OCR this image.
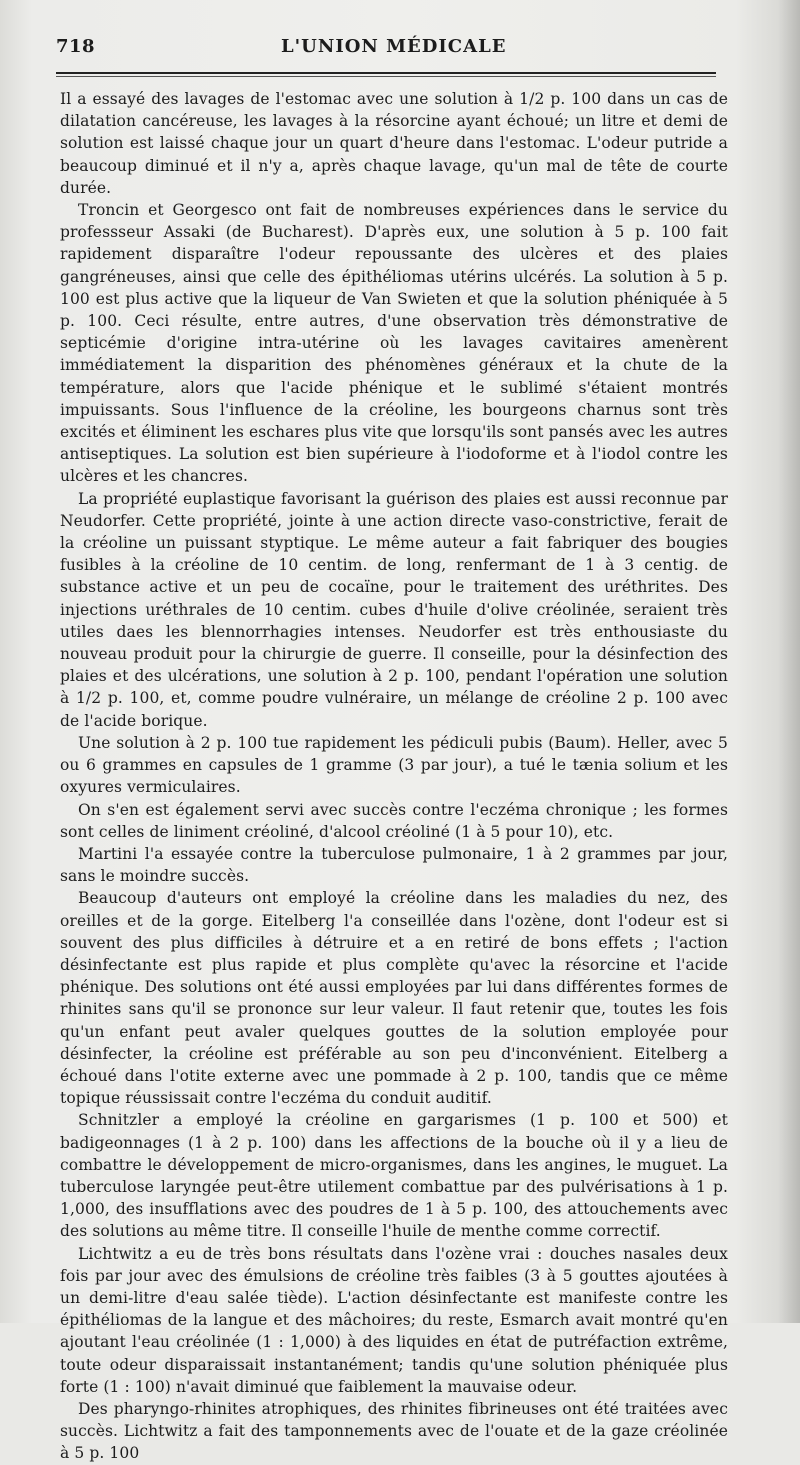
718	L'UNION MÉDICALE

Il a essayé des lavages de l'estomac avec une solution à 1/2 p. 100 dans un cas de dilatation cancéreuse, les lavages à la résorcine ayant échoué; un litre et demi de solution est laissé chaque jour un quart d'heure dans l'estomac. L'odeur putride a beaucoup diminué et il n'y a, après chaque lavage, qu'un mal de tête de courte durée.

Troncin et Georgesco ont fait de nombreuses expériences dans le service du professseur Assaki (de Bucharest). D'après eux, une solution à 5 p. 100 fait rapidement disparaître l'odeur repoussante des ulcères et des plaies gangréneuses, ainsi que celle des épithéliomas utérins ulcérés. La solution à 5 p. 100 est plus active que la liqueur de Van Swieten et que la solution phéniquée à 5 p. 100. Ceci résulte, entre autres, d'une observation très démonstrative de septicémie d'origine intra-utérine où les lavages cavitaires amenèrent immédiatement la disparition des phénomènes généraux et la chute de la température, alors que l'acide phénique et le sublimé s'étaient montrés impuissants. Sous l'influence de la créoline, les bourgeons charnus sont très excités et éliminent les eschares plus vite que lorsqu'ils sont pansés avec les autres antiseptiques. La solution est bien supérieure à l'iodoforme et à l'iodol contre les ulcères et les chancres.

La propriété euplastique favorisant la guérison des plaies est aussi reconnue par Neudorfer. Cette propriété, jointe à une action directe vaso-constrictive, ferait de la créoline un puissant styptique. Le même auteur a fait fabriquer des bougies fusibles à la créoline de 10 centim. de long, renfermant de 1 à 3 centig. de substance active et un peu de cocaïne, pour le traitement des uréthrites. Des injections uréthrales de 10 centim. cubes d'huile d'olive créolinée, seraient très utiles daes les blennorrhagies intenses. Neudorfer est très enthousiaste du nouveau produit pour la chirurgie de guerre. Il conseille, pour la désinfection des plaies et des ulcérations, une solution à 2 p. 100, pendant l'opération une solution à 1/2 p. 100, et, comme poudre vulnéraire, un mélange de créoline 2 p. 100 avec de l'acide borique.

Une solution à 2 p. 100 tue rapidement les pédiculi pubis (Baum). Heller, avec 5 ou 6 grammes en capsules de 1 gramme (3 par jour), a tué le tænia solium et les oxyures vermiculaires.

On s'en est également servi avec succès contre l'eczéma chronique ; les formes sont celles de liniment créoliné, d'alcool créoliné (1 à 5 pour 10), etc.

Martini l'a essayée contre la tuberculose pulmonaire, 1 à 2 grammes par jour, sans le moindre succès.

Beaucoup d'auteurs ont employé la créoline dans les maladies du nez, des oreilles et de la gorge. Eitelberg l'a conseillée dans l'ozène, dont l'odeur est si souvent des plus difficiles à détruire et a en retiré de bons effets ; l'action désinfectante est plus rapide et plus complète qu'avec la résorcine et l'acide phénique. Des solutions ont été aussi employées par lui dans différentes formes de rhinites sans qu'il se prononce sur leur valeur. Il faut retenir que, toutes les fois qu'un enfant peut avaler quelques gouttes de la solution employée pour désinfecter, la créoline est préférable au son peu d'inconvénient. Eitelberg a échoué dans l'otite externe avec une pommade à 2 p. 100, tandis que ce même topique réussissait contre l'eczéma du conduit auditif.

Schnitzler a employé la créoline en gargarismes (1 p. 100 et 500) et badigeonnages (1 à 2 p. 100) dans les affections de la bouche où il y a lieu de combattre le développement de micro-organismes, dans les angines, le muguet. La tuberculose laryngée peut-être utilement combattue par des pulvérisations à 1 p. 1,000, des insufflations avec des poudres de 1 à 5 p. 100, des attouchements avec des solutions au même titre. Il conseille l'huile de menthe comme correctif.

Lichtwitz a eu de très bons résultats dans l'ozène vrai : douches nasales deux fois par jour avec des émulsions de créoline très faibles (3 à 5 gouttes ajoutées à un demi-litre d'eau salée tiède). L'action désinfectante est manifeste contre les épithéliomas de la langue et des mâchoires; du reste, Esmarch avait montré qu'en ajoutant l'eau créolinée (1 : 1,000) à des liquides en état de putréfaction extrême, toute odeur disparaissait instantanément; tandis qu'une solution phéniquée plus forte (1 : 100) n'avait diminué que faiblement la mauvaise odeur.

Des pharyngo-rhinites atrophiques, des rhinites fibrineuses ont été traitées avec succès. Lichtwitz a fait des tamponnements avec de l'ouate et de la gaze créolinée à 5 p. 100
